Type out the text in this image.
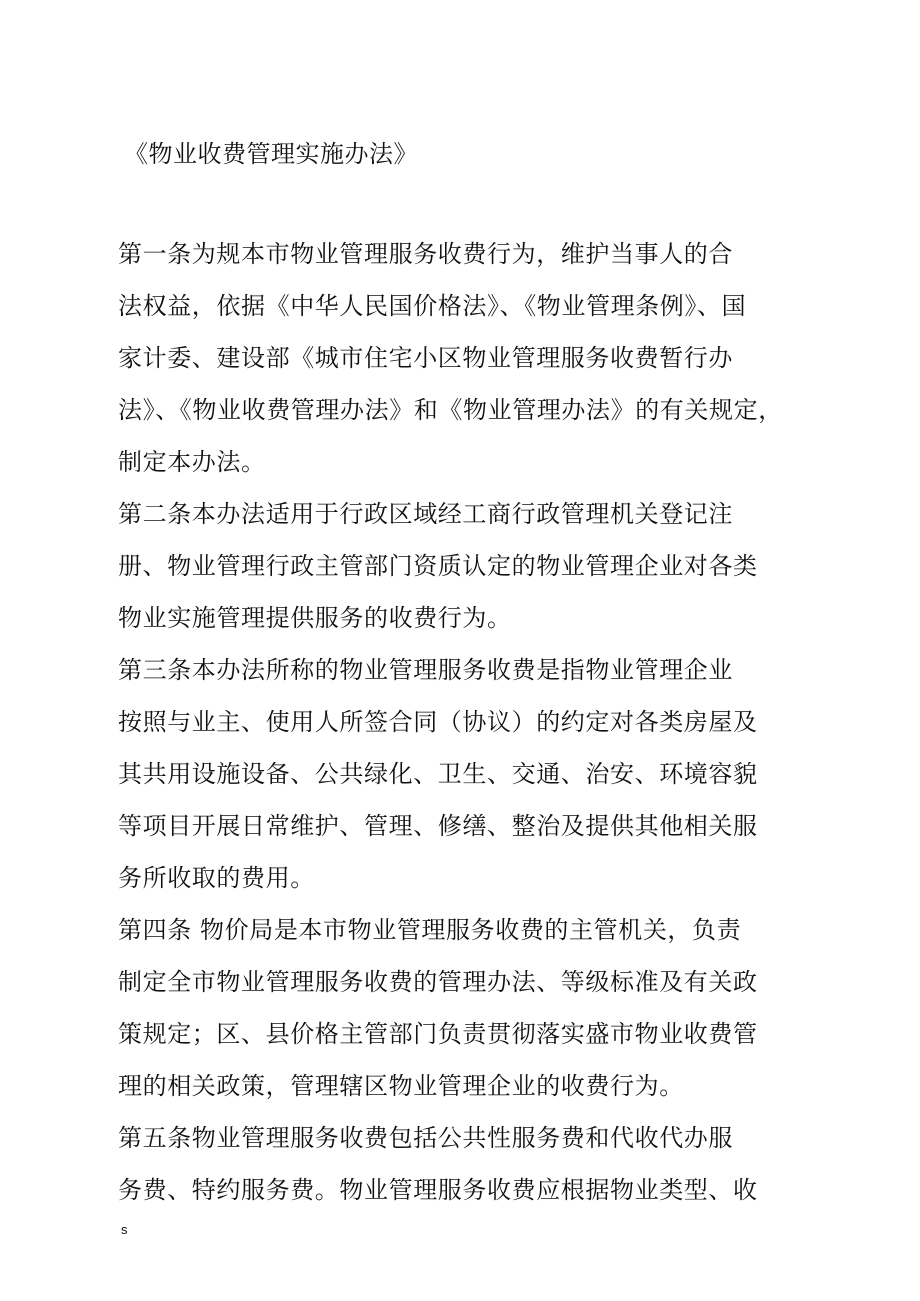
《物业收费管理实施办法》
第一条为规本市物业管理服务收费行为，维护当事人的合
法权益，依据《中华人民国价格法》、《物业管理条例》、国
家计委、建设部《城市住宅小区物业管理服务收费暂行办
法》、《物业收费管理办法》和《物业管理办法》的有关规定，
制定本办法。
第二条本办法适用于行政区域经工商行政管理机关登记注
册、物业管理行政主管部门资质认定的物业管理企业对各类
物业实施管理提供服务的收费行为。
第三条本办法所称的物业管理服务收费是指物业管理企业
按照与业主、使用人所签合同（协议）的约定对各类房屋及
其共用设施设备、公共绿化、卫生、交通、治安、环境容貌
等项目开展日常维护、管理、修缮、整治及提供其他相关服
务所收取的费用。
第四条 物价局是本市物业管理服务收费的主管机关，负责
制定全市物业管理服务收费的管理办法、等级标准及有关政
策规定；区、县价格主管部门负责贯彻落实盛市物业收费管
理的相关政策，管理辖区物业管理企业的收费行为。
第五条物业管理服务收费包括公共性服务费和代收代办服
务费、特约服务费。物业管理服务收费应根据物业类型、收
s
